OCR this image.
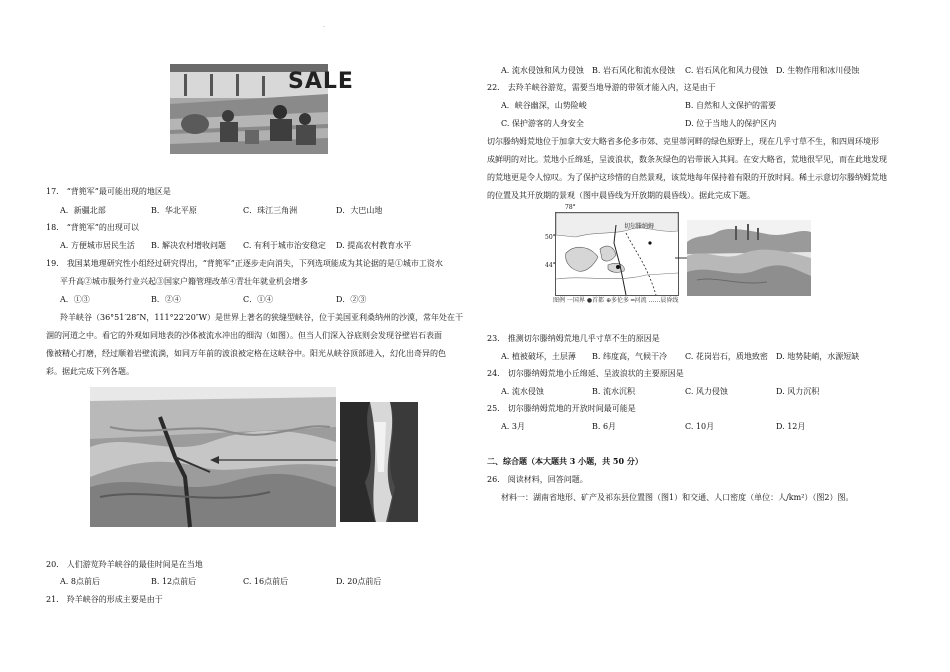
·
SALE
17.　“背篼军”最可能出现的地区是
A．新疆北部	B．华北平原	C．珠江三角洲	D．大巴山地
18.　“背篼军”的出现可以
A. 方便城市居民生活 B. 解决农村增收问题 C. 有利于城市治安稳定 D. 提高农村教育水平
19.　我国某地理研究性小组经过研究得出，“背篼军”正逐步走向消失，下列选项能成为其论据的是①城市工资水
平升高②城市服务行业兴起③国家户籍管理改革④青壮年就业机会增多
A．①③	B．②④	C．①④	D．②③
羚羊峡谷（36°51′28″N，111°22′20″W）是世界上著名的狭缝型峡谷，位于美国亚利桑纳州的沙漠，常年处在干
涸的河道之中。看它的外观如同地表的沙体被流水冲出的细沟（如图）。但当人们深入谷底则会发现谷壁岩石表面
像被精心打磨，经过顺着岩壁流淌，如同万年前的波浪被定格在这峡谷中。阳光从峡谷顶部进入，幻化出奇异的色
彩。据此完成下列各题。
20.　人们游览羚羊峡谷的最佳时间是在当地
A. 8点前后	B. 12点前后	C. 16点前后	D. 20点前后
21.　羚羊峡谷的形成主要是由于
A. 流水侵蚀和风力侵蚀 B. 岩石风化和流水侵蚀 C. 岩石风化和风力侵蚀 D. 生物作用和冰川侵蚀
22.　去羚羊峡谷游览，需要当地导游的带领才能入内，这是由于
A．峡谷幽深，山势险峻	B. 自然和人文保护的需要
C. 保护游客的人身安全	D. 位于当地人的保护区内
切尔滕纳姆荒地位于加拿大安大略省多伦多市郊、克里蒂河畔的绿色原野上，现在几乎寸草不生，和四周环境形
成鲜明的对比。荒地小丘绵延，呈波浪状，数条灰绿色的岩带嵌入其间。在安大略省，荒地很罕见，而在此地发现
的荒地更是令人惊叹。为了保护这珍惜的自然景观，该荒地每年保持着有限的开放时间。稀土示意切尔滕纳姆荒地
的位置及其开放期的景观（图中晨昏线为开放期的晨昏线）。据此完成下题。
切尔滕纳姆
78°
50°
44°
图例 一国界 ●首都 ⊕多伦多 ━河流 ……晨昏线
23.　推测切尔滕纳姆荒地几乎寸草不生的原因是
A. 植被破坏，土层薄 B. 纬度高，气候干冷 C. 花岗岩石，质地致密 D. 地势陡峭，水源短缺
24.　切尔滕纳姆荒地小丘绵延、呈波浪状的主要原因是
A. 流水侵蚀	B. 流水沉积	C. 风力侵蚀	D. 风力沉积
25.　切尔滕纳姆荒地的开放时间最可能是
A. 3月	B. 6月	C. 10月	D. 12月
二、综合题（本大题共 3 小题，共 50 分）
26.　阅读材料，回答问题。
材料一：湖南省地形、矿产及祁东县位置图（图1）和交通、人口密度（单位：人/km²）（图2）图。
